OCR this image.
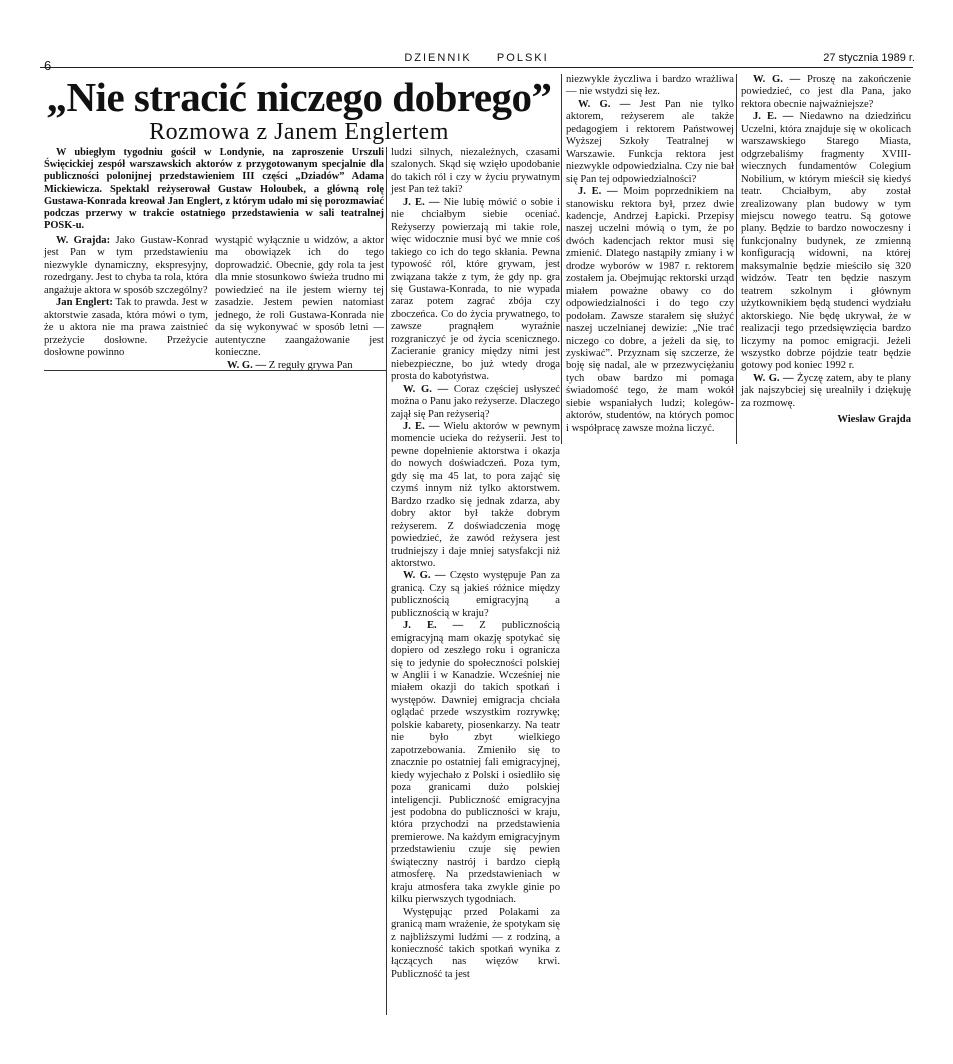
6	DZIENNIK     POLSKI	27 stycznia 1989 r.
„Nie stracić niczego dobrego”
Rozmowa z Janem Englertem

W ubiegłym tygodniu gościł w Londynie, na zaproszenie Urszuli Święcickiej zespół warszawskich aktorów z przygotowanym specjalnie dla publiczności polonijnej przedstawieniem III części „Dziadów” Adama Mickiewicza. Spektakl reżyserował Gustaw Holoubek, a główną rolę Gustawa-Konrada kreował Jan Englert, z którym udało mi się porozmawiać podczas przerwy w trakcie ostatniego przedstawienia w sali teatralnej POSK-u.

W. Grajda: Jako Gustaw-Konrad jest Pan w tym przedstawieniu niezwykle dynamiczny, ekspresyjny, rozedrgany. Jest to chyba ta rola, która angażuje aktora w sposób szczególny?

Jan Englert: Tak to prawda. Jest w aktorstwie zasada, która mówi o tym, że u aktora nie ma prawa zaistnieć przeżycie dosłowne. Przeżycie dosłowne powinno

wystąpić wyłącznie u widzów, a aktor ma obowiązek ich do tego doprowadzić. Obecnie, gdy rola ta jest dla mnie stosunkowo świeża trudno mi powiedzieć na ile jestem wierny tej zasadzie. Jestem pewien natomiast jednego, że roli Gustawa-Konrada nie da się wykonywać w sposób letni — autentyczne zaangażowanie jest konieczne.

W. G. — Z reguły grywa Pan

ludzi silnych, niezależnych, czasami szalonych. Skąd się wzięło upodobanie do takich ról i czy w życiu prywatnym jest Pan też taki?

J. E. — Nie lubię mówić o sobie i nie chciałbym siebie oceniać. Reżyserzy powierzają mi takie role, więc widocznie musi być we mnie coś takiego co ich do tego skłania. Pewna typowość ról, które grywam, jest związana także z tym, że gdy np. gra się Gustawa-Konrada, to nie wypada zaraz potem zagrać zbója czy zboczeńca. Co do życia prywatnego, to zawsze pragnąłem wyraźnie rozgraniczyć je od życia scenicznego. Zacieranie granicy między nimi jest niebezpieczne, bo już wtedy droga prosta do kabotyństwa.

W. G. — Coraz częściej usłyszeć można o Panu jako reżyserze. Dlaczego zajął się Pan reżyserią?

J. E. — Wielu aktorów w pewnym momencie ucieka do reżyserii. Jest to pewne dopełnienie aktorstwa i okazja do nowych doświadczeń. Poza tym, gdy się ma 45 lat, to pora zająć się czymś innym niż tylko aktorstwem. Bardzo rzadko się jednak zdarza, aby dobry aktor był także dobrym reżyserem. Z doświadczenia mogę powiedzieć, że zawód reżysera jest trudniejszy i daje mniej satysfakcji niż aktorstwo.

W. G. — Często występuje Pan za granicą. Czy są jakieś różnice między publicznością emigracyjną a publicznością w kraju?

J. E. — Z publicznością emigracyjną mam okazję spotykać się dopiero od zeszłego roku i ogranicza się to jedynie do społeczności polskiej w Anglii i w Kanadzie. Wcześniej nie miałem okazji do takich spotkań i występów. Dawniej emigracja chciała oglądać przede wszystkim rozrywkę; polskie kabarety, piosenkarzy. Na teatr nie było zbyt wielkiego zapotrzebowania. Zmieniło się to znacznie po ostatniej fali emigracyjnej, kiedy wyjechało z Polski i osiedliło się poza granicami dużo polskiej inteligencji. Publiczność emigracyjna jest podobna do publiczności w kraju, która przychodzi na przedstawienia premierowe. Na każdym emigracyjnym przedstawieniu czuje się pewien świąteczny nastrój i bardzo ciepłą atmosferę. Na przedstawieniach w kraju atmosfera taka zwykle ginie po kilku pierwszych tygodniach.

Występując przed Polakami za granicą mam wrażenie, że spotykam się z najbliższymi ludźmi — z rodziną, a konieczność takich spotkań wynika z łączących nas więzów krwi. Publiczność ta jest

niezwykle życzliwa i bardzo wrażliwa — nie wstydzi się łez.

W. G. — Jest Pan nie tylko aktorem, reżyserem ale także pedagogiem i rektorem Państwowej Wyższej Szkoły Teatralnej w Warszawie. Funkcja rektora jest niezwykle odpowiedzialna. Czy nie bał się Pan tej odpowiedzialności?

J. E. — Moim poprzednikiem na stanowisku rektora był, przez dwie kadencje, Andrzej Łapicki. Przepisy naszej uczelni mówią o tym, że po dwóch kadencjach rektor musi się zmienić. Dlatego nastąpiły zmiany i w drodze wyborów w 1987 r. rektorem zostałem ja. Obejmując rektorski urząd miałem poważne obawy co do odpowiedzialności i do tego czy podołam. Zawsze starałem się służyć naszej uczelnianej dewizie: „Nie trać niczego co dobre, a jeżeli da się, to zyskiwać”. Przyznam się szczerze, że boję się nadal, ale w przezwyciężaniu tych obaw bardzo mi pomaga świadomość tego, że mam wokół siebie wspaniałych ludzi; kolegów-aktorów, studentów, na których pomoc i współpracę zawsze można liczyć.

W. G. — Proszę na zakończenie powiedzieć, co jest dla Pana, jako rektora obecnie najważniejsze?

J. E. — Niedawno na dziedzińcu Uczelni, która znajduje się w okolicach warszawskiego Starego Miasta, odgrzebaliśmy fragmenty XVIII-wiecznych fundamentów Colegium Nobilium, w którym mieścił się kiedyś teatr. Chciałbym, aby został zrealizowany plan budowy w tym miejscu nowego teatru. Są gotowe plany. Będzie to bardzo nowoczesny i funkcjonalny budynek, ze zmienną konfiguracją widowni, na której maksymalnie będzie mieściło się 320 widzów. Teatr ten będzie naszym teatrem szkolnym i głównym użytkownikiem będą studenci wydziału aktorskiego. Nie będę ukrywał, że w realizacji tego przedsięwzięcia bardzo liczymy na pomoc emigracji. Jeżeli wszystko dobrze pójdzie teatr będzie gotowy pod koniec 1992 r.

W. G. — Życzę zatem, aby te plany jak najszybciej się urealniły i dziękuję za rozmowę.

Wiesław Grajda
